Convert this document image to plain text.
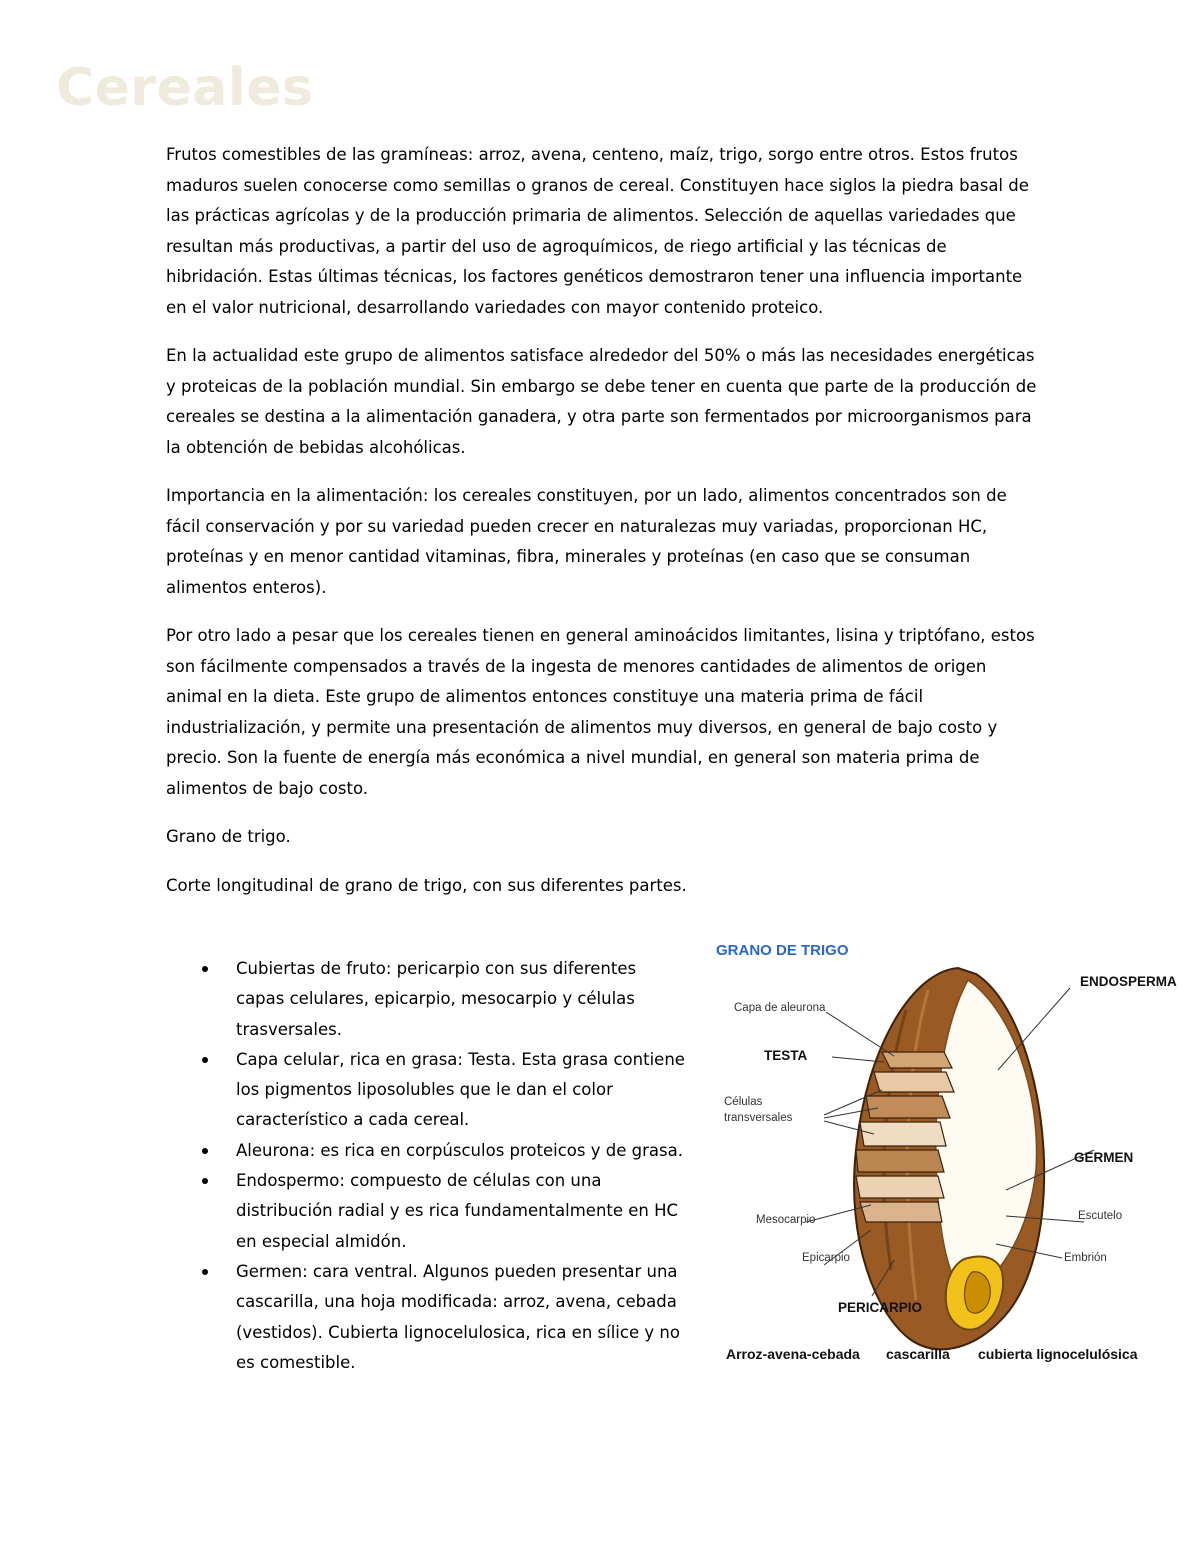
Cereales

Frutos comestibles de las gramíneas: arroz, avena, centeno, maíz, trigo, sorgo entre otros. Estos frutos maduros suelen conocerse como semillas o granos de cereal. Constituyen hace siglos la piedra basal de las prácticas agrícolas y de la producción primaria de alimentos. Selección de aquellas variedades que resultan más productivas, a partir del uso de agroquímicos, de riego artificial y las técnicas de hibridación. Estas últimas técnicas, los factores genéticos demostraron tener una influencia importante en el valor nutricional, desarrollando variedades con mayor contenido proteico.

En la actualidad este grupo de alimentos satisface alrededor del 50% o más las necesidades energéticas y proteicas de la población mundial. Sin embargo se debe tener en cuenta que parte de la producción de cereales se destina a la alimentación ganadera, y otra parte son fermentados por microorganismos para la obtención de bebidas alcohólicas.

Importancia en la alimentación: los cereales constituyen, por un lado, alimentos concentrados son de fácil conservación y por su variedad pueden crecer en naturalezas muy variadas, proporcionan HC, proteínas y en menor cantidad vitaminas, fibra, minerales y proteínas (en caso que se consuman alimentos enteros).

Por otro lado a pesar que los cereales tienen en general aminoácidos limitantes, lisina y triptófano, estos son fácilmente compensados a través de la ingesta de menores cantidades de alimentos de origen animal en la dieta. Este grupo de alimentos entonces constituye una materia prima de fácil industrialización, y permite una presentación de alimentos muy diversos, en general de bajo costo y precio. Son la fuente de energía más económica a nivel mundial, en general son materia prima de alimentos de bajo costo.

Grano de trigo.

Corte longitudinal de grano de trigo, con sus diferentes partes.

Cubiertas de fruto: pericarpio con sus diferentes capas celulares, epicarpio, mesocarpio y células trasversales.
Capa celular, rica en grasa: Testa. Esta grasa contiene los pigmentos liposolubles que le dan el color característico a cada cereal.
Aleurona: es rica en corpúsculos proteicos y de grasa.
Endospermo: compuesto de células con una distribución radial y es rica fundamentalmente en HC en especial almidón.
Germen: cara ventral. Algunos pueden presentar una cascarilla, una hoja modificada: arroz, avena, cebada (vestidos). Cubierta lignocelulosica, rica en sílice y no es comestible.
GRANO DE TRIGO
ENDOSPERMA
Capa de aleurona
TESTA
Células
transversales
GERMEN
Escutelo
Embrión
Mesocarpio
Epicarpio
PERICARPIO
Arroz-avena-cebada cascarilla cubierta lignocelulósica
